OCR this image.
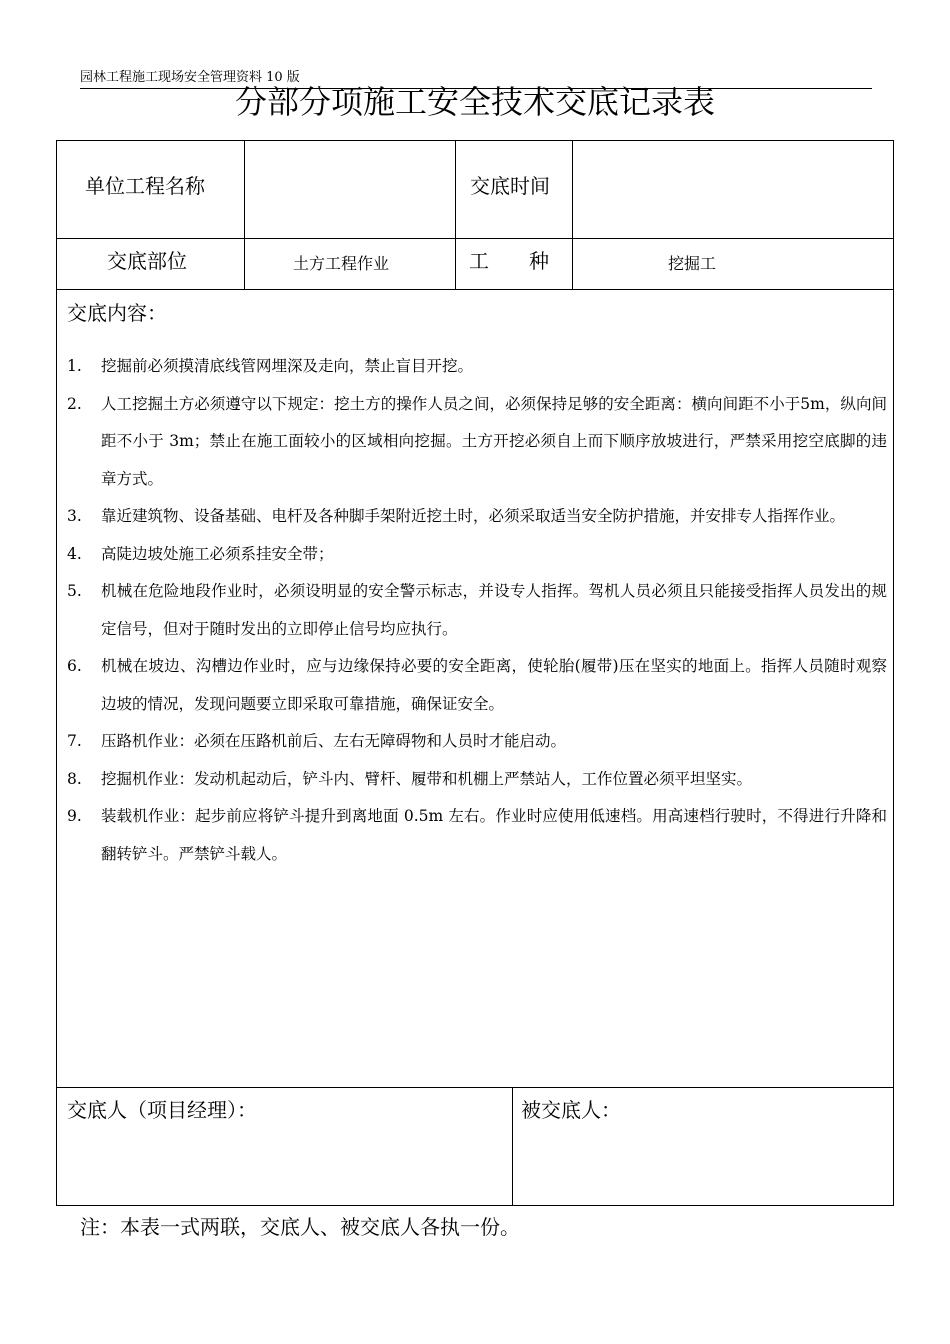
园林工程施工现场安全管理资料 10 版
分部分项施工安全技术交底记录表
单位工程名称	交底时间
交底部位	土方工程作业	工　　种	挖掘工
交底内容：
1. 挖掘前必须摸清底线管网埋深及走向，禁止盲目开挖。
2. 人工挖掘土方必须遵守以下规定：挖土方的操作人员之间，必须保持足够的安全距离：横向间距不小于5m，纵向间距不小于 3m；禁止在施工面较小的区域相向挖掘。土方开挖必须自上而下顺序放坡进行，严禁采用挖空底脚的违章方式。
3. 靠近建筑物、设备基础、电杆及各种脚手架附近挖土时，必须采取适当安全防护措施，并安排专人指挥作业。
4. 高陡边坡处施工必须系挂安全带；
5. 机械在危险地段作业时，必须设明显的安全警示标志，并设专人指挥。驾机人员必须且只能接受指挥人员发出的规定信号，但对于随时发出的立即停止信号均应执行。
6. 机械在坡边、沟槽边作业时，应与边缘保持必要的安全距离，使轮胎(履带)压在坚实的地面上。指挥人员随时观察边坡的情况，发现问题要立即采取可靠措施，确保证安全。
7. 压路机作业：必须在压路机前后、左右无障碍物和人员时才能启动。
8. 挖掘机作业：发动机起动后，铲斗内、臂杆、履带和机棚上严禁站人，工作位置必须平坦坚实。
9. 装载机作业：起步前应将铲斗提升到离地面 0.5m 左右。作业时应使用低速档。用高速档行驶时，不得进行升降和翻转铲斗。严禁铲斗载人。
交底人（项目经理）：	被交底人：
注：本表一式两联，交底人、被交底人各执一份。
